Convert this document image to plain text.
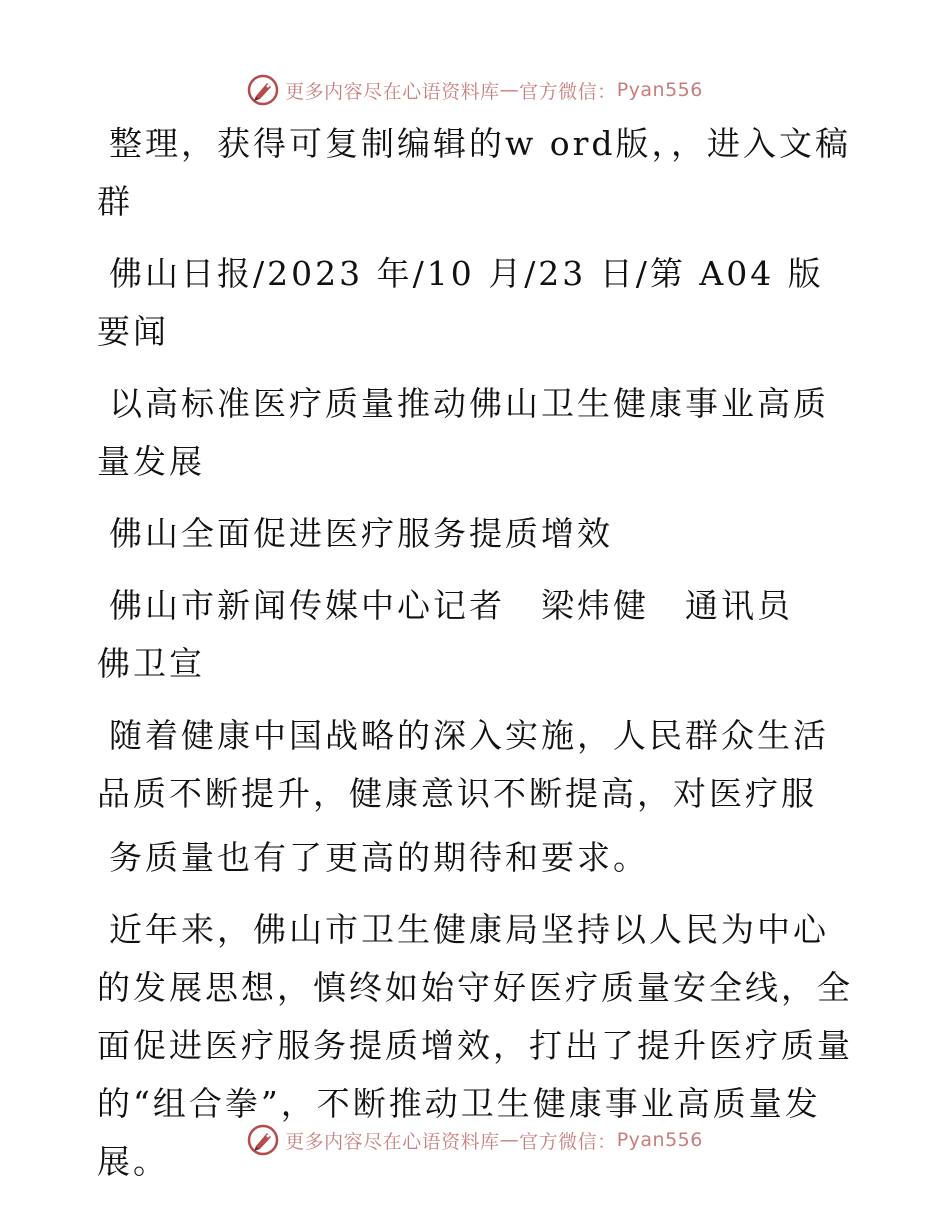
更多内容尽在心语资料库 — 官方微信： Pyan556

整理，获得可复制编辑的w ord版，，进入文稿群

佛山日报/2023 年/10 月/23 日/第 A04 版要闻

以高标准医疗质量推动佛山卫生健康事业高质量发展

佛山全面促进医疗服务提质增效

佛山市新闻传媒中心记者　梁炜健　通讯员　佛卫宣

随着健康中国战略的深入实施，人民群众生活品质不断提升，健康意识不断提高，对医疗服

务质量也有了更高的期待和要求。

近年来，佛山市卫生健康局坚持以人民为中心的发展思想，慎终如始守好医疗质量安全线，全面促进医疗服务提质增效，打出了提升医疗质量的“组合拳”，不断推动卫生健康事业高质量发展。

更多内容尽在心语资料库 — 官方微信： Pyan556
